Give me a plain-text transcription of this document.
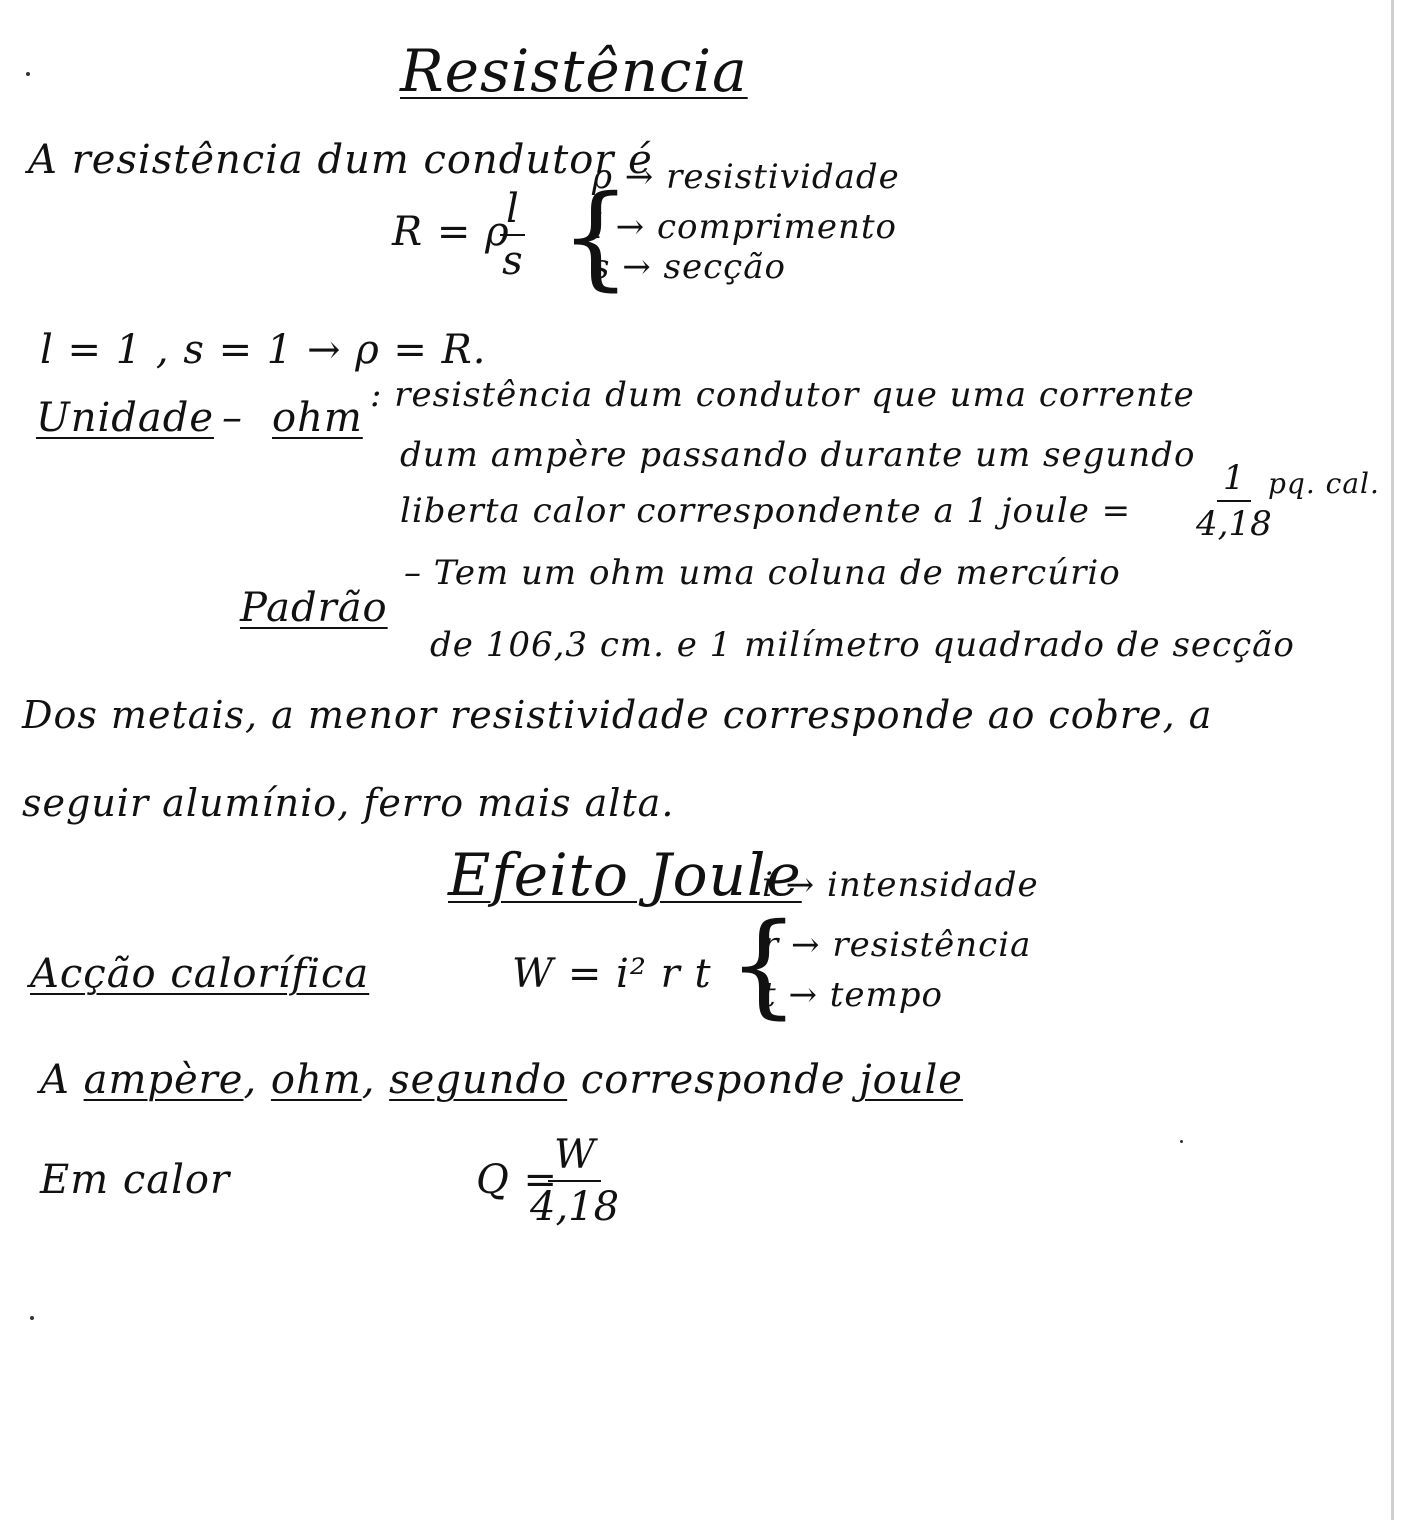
Resistência
A resistência dum condutor é
R = ρ
$\frac{l}{s}$ {
ρ → resistividade
l → comprimento
s → secção
l = 1 , s = 1 → ρ = R.
Unidade – ohm : resistência dum condutor que uma corrente
dum ampère passando durante um segundo
liberta calor correspondente a 1 joule = $\frac{1}{4,18}$
pq. cal.
Padrão
– Tem um ohm uma coluna de mercúrio
de 106,3 cm. e 1 milímetro quadrado de secção
Dos metais, a menor resistividade corresponde ao cobre, a
seguir alumínio, ferro mais alta.
Efeito Joule
Acção calorífica	W = i² r t {
i → intensidade
r → resistência
t → tempo
A ampère, ohm, segundo corresponde joule
Em calor	Q =
$\frac{W}{4,18}$
